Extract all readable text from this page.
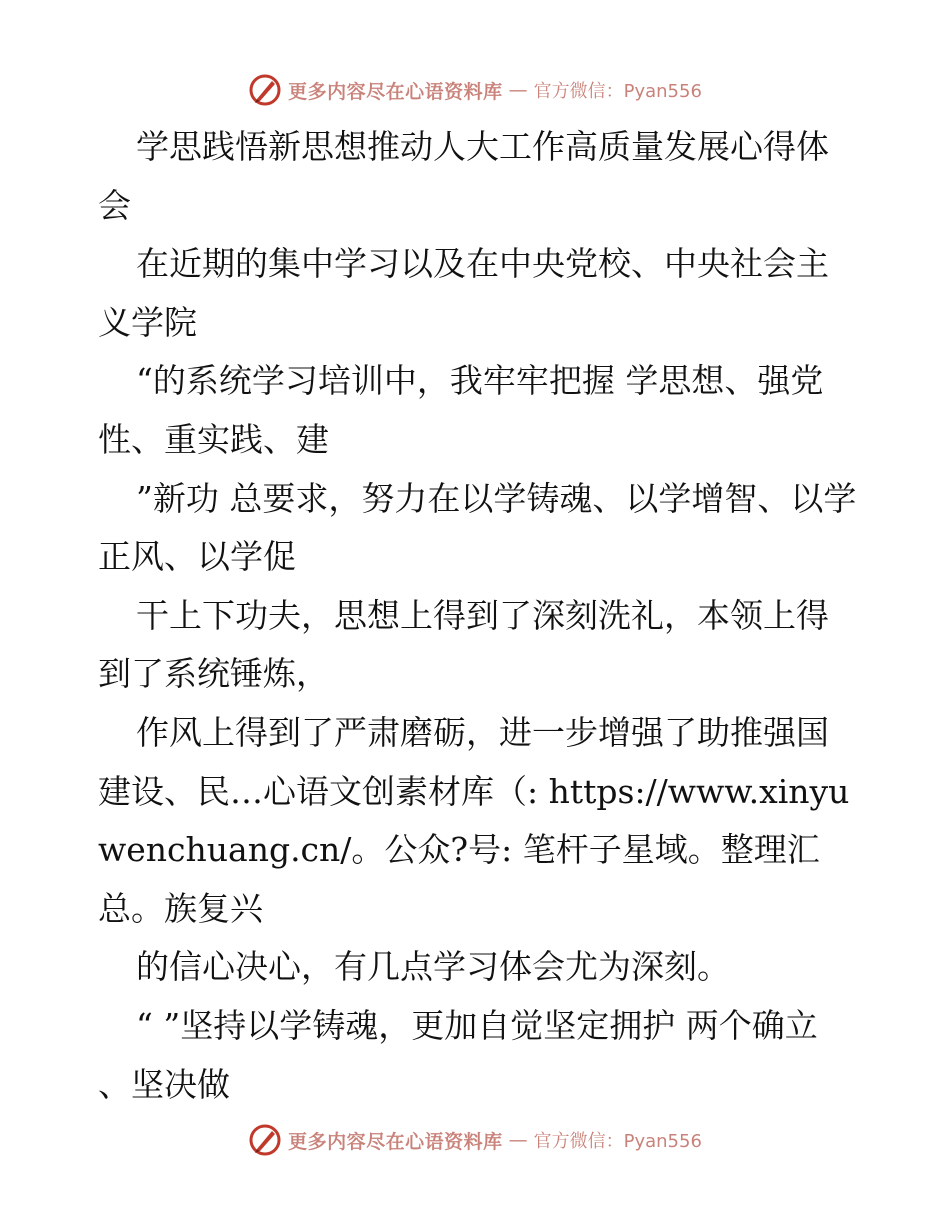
更多内容尽在心语资料库 — 官方微信：Pyan556

学思践悟新思想推动人大工作高质量发展心得体会

在近期的集中学习以及在中央党校、中央社会主义学院

“的系统学习培训中，我牢牢把握 学思想、强党性、重实践、建

”新功 总要求，努力在以学铸魂、以学增智、以学正风、以学促

干上下功夫，思想上得到了深刻洗礼，本领上得到了系统锤炼，

作风上得到了严肃磨砺，进一步增强了助推强国建设、民…心语文创素材库（: https://www.xinyuwenchuang.cn/。公众?号: 笔杆子星域。整理汇总。族复兴

的信心决心，有几点学习体会尤为深刻。

“ ”坚持以学铸魂，更加自觉坚定拥护 两个确立 、坚决做

更多内容尽在心语资料库 — 官方微信：Pyan556
